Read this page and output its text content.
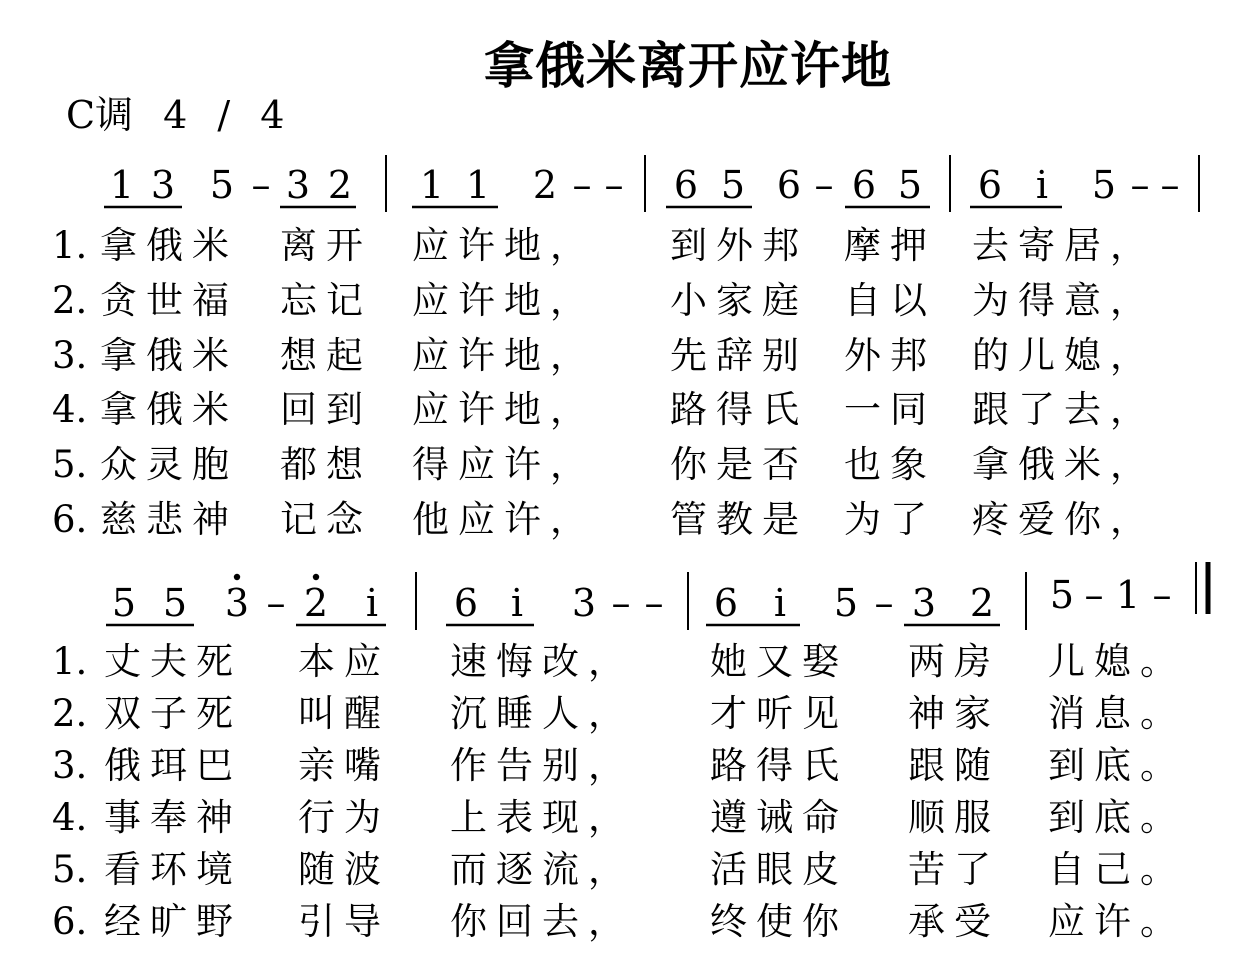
拿俄米离开应许地
C调 4 / 4
1 3 5 – 3 2 1 1 2 – – 6 5 6 – 6 5 6 i 5 – –
5 5 3 – 2 i 6 i 3 – – 6 i 5 – 3 2 5 – 1 –
1. 拿俄米 离开 应许地， 到外邦 摩押 去寄居，
2. 贪世福 忘记 应许地， 小家庭 自以 为得意，
3. 拿俄米 想起 应许地， 先辞别 外邦 的儿媳，
4. 拿俄米 回到 应许地， 路得氏 一同 跟了去，
5. 众灵胞 都想 得应许， 你是否 也象 拿俄米，
6. 慈悲神 记念 他应许， 管教是 为了 疼爱你，
1. 丈夫死 本应 速悔改， 她又娶 两房 儿媳。
2. 双子死 叫醒 沉睡人， 才听见 神家 消息。
3. 俄珥巴 亲嘴 作告别， 路得氏 跟随 到底。
4. 事奉神 行为 上表现， 遵诫命 顺服 到底。
5. 看环境 随波 而逐流， 活眼皮 苦了 自己。
6. 经旷野 引导 你回去， 终使你 承受 应许。
